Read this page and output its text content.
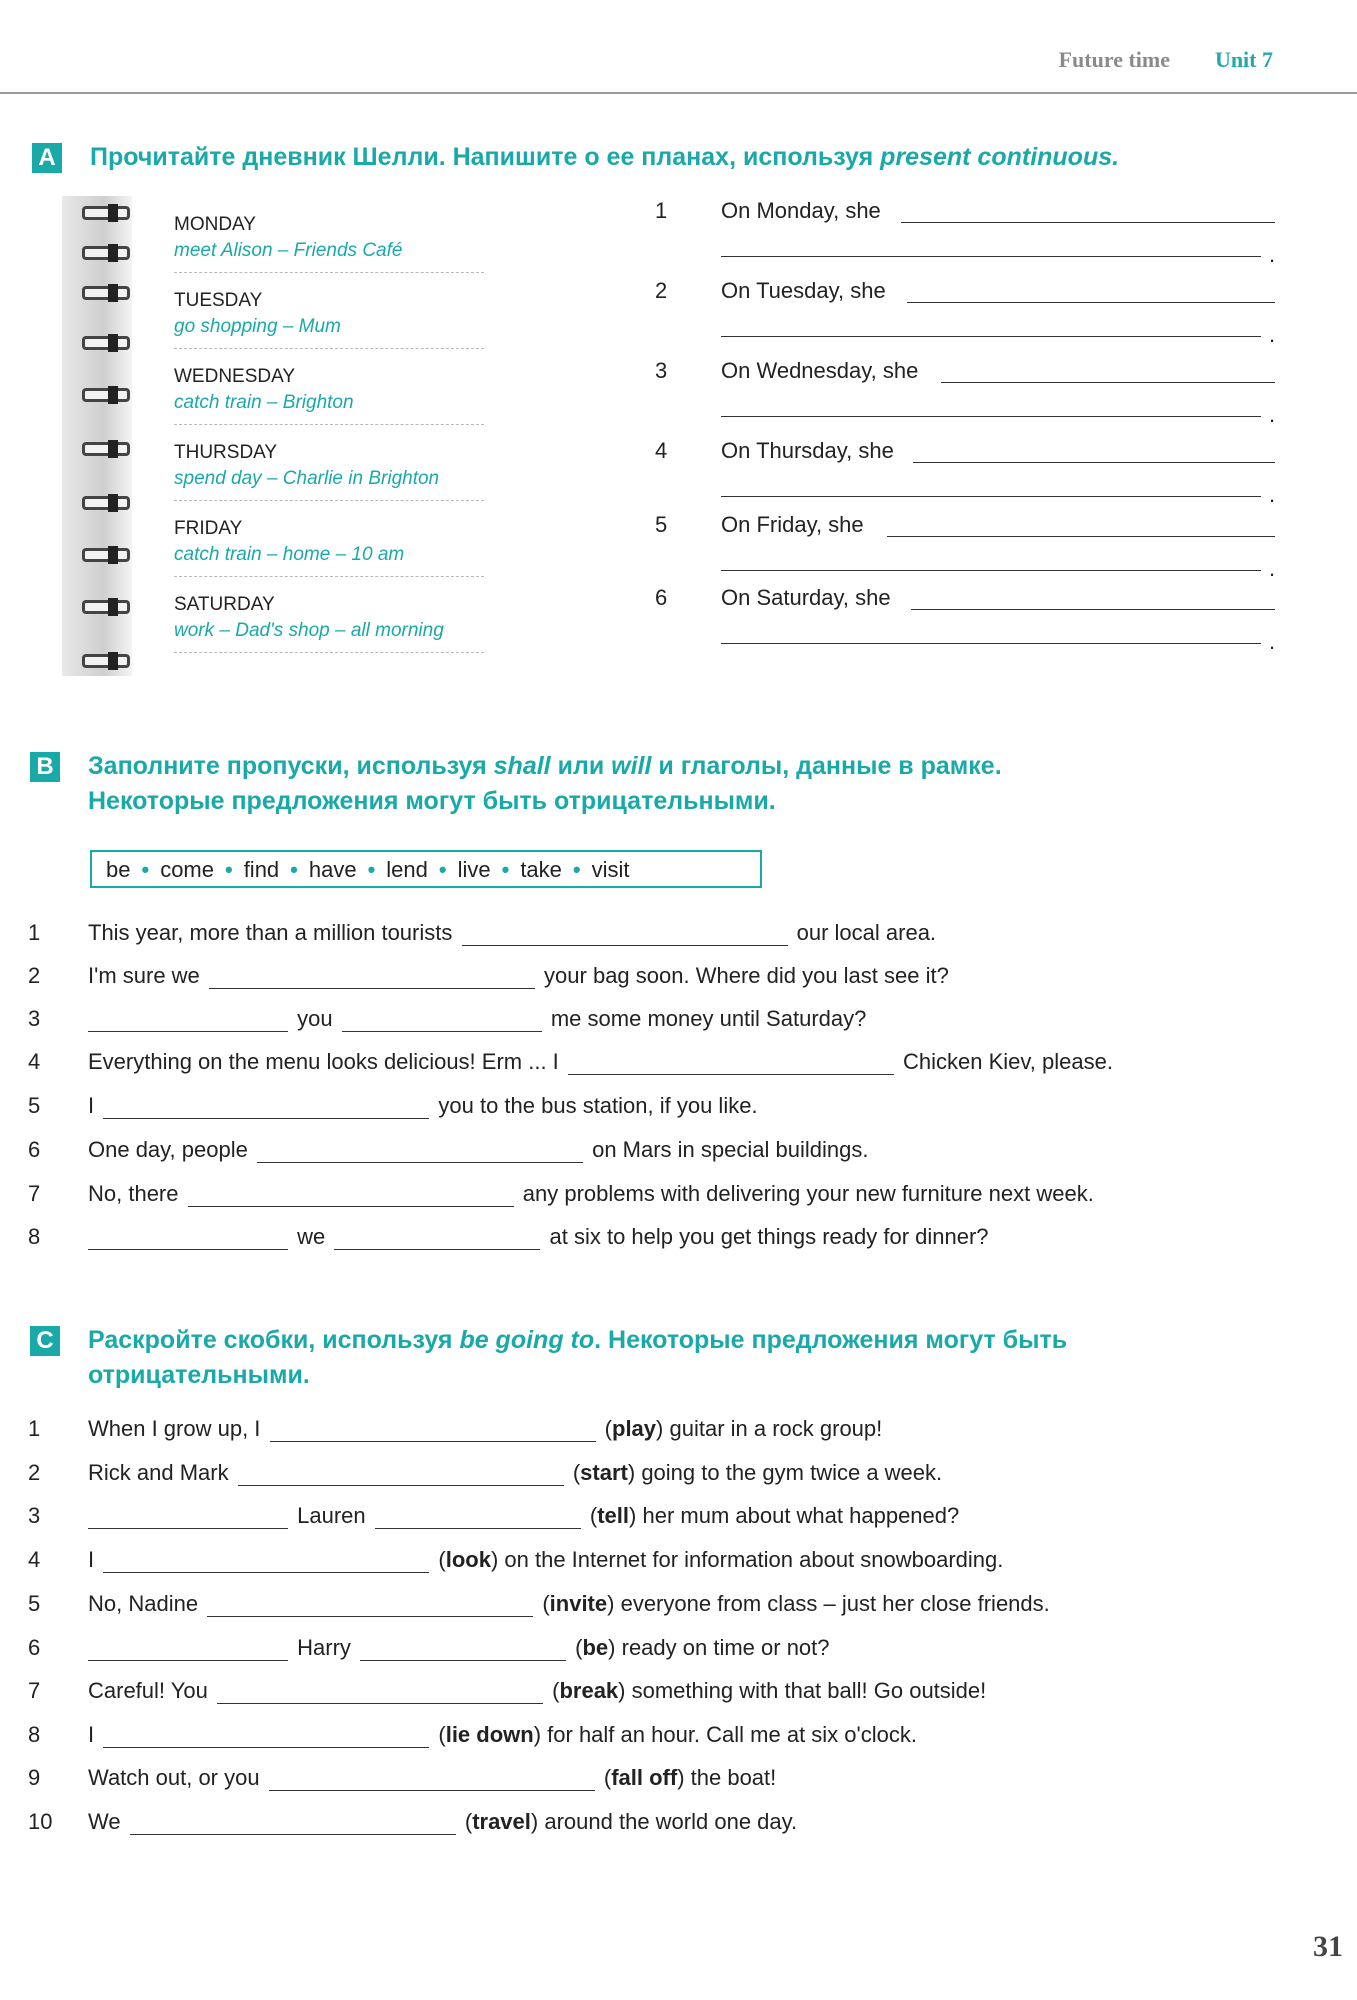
Future time Unit 7
A Прочитайте дневник Шелли. Напишите о ее планах, используя present continuous.
MONDAY
meet Alison – Friends Café
TUESDAY
go shopping – Mum
WEDNESDAY
catch train – Brighton
THURSDAY
spend day – Charlie in Brighton
FRIDAY
catch train – home – 10 am
SATURDAY
work – Dad's shop – all morning
1 On Monday, she
.
2 On Tuesday, she
.
3 On Wednesday, she
.
4 On Thursday, she
.
5 On Friday, she
.
6 On Saturday, she
.
B Заполните пропуски, используя shall или will и глаголы, данные в рамке.
Некоторые предложения могут быть отрицательными.
be • come • find • have • lend • live • take • visit
1 This year, more than a million tourists	our local area.
2 I'm sure we	your bag soon. Where did you last see it?
3	you	me some money until Saturday?
4 Everything on the menu looks delicious! Erm ... I	Chicken Kiev, please.
5 I	you to the bus station, if you like.
6 One day, people	on Mars in special buildings.
7 No, there	any problems with delivering your new furniture next week.
8	we	at six to help you get things ready for dinner?
C Раскройте скобки, используя be going to. Некоторые предложения могут быть
отрицательными.
1 When I grow up, I	(play) guitar in a rock group!
2 Rick and Mark	(start) going to the gym twice a week.
3	Lauren	(tell) her mum about what happened?
4 I	(look) on the Internet for information about snowboarding.
5 No, Nadine	(invite) everyone from class – just her close friends.
6	Harry	(be) ready on time or not?
7 Careful! You	(break) something with that ball! Go outside!
8 I	(lie down) for half an hour. Call me at six o'clock.
9 Watch out, or you	(fall off) the boat!
10 We	(travel) around the world one day.
31
